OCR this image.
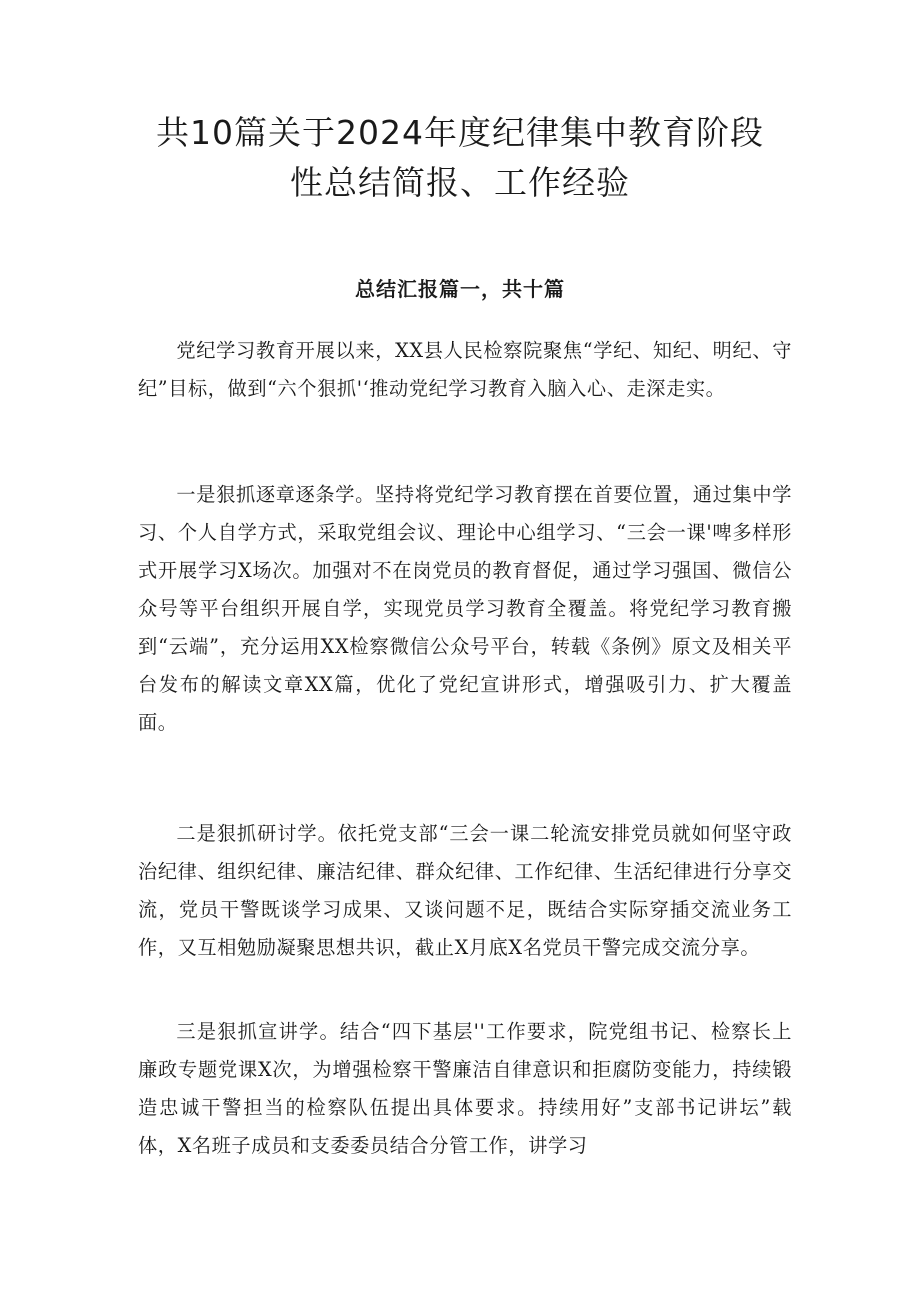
共10篇关于2024年度纪律集中教育阶段
性总结简报、工作经验
总结汇报篇一，共十篇

党纪学习教育开展以来，XX县人民检察院聚焦“学纪、知纪、明纪、守纪”目标，做到“六个狠抓'‘推动党纪学习教育入脑入心、走深走实。

一是狠抓逐章逐条学。坚持将党纪学习教育摆在首要位置，通过集中学习、个人自学方式，采取党组会议、理论中心组学习、“三会一课'啤多样形式开展学习X场次。加强对不在岗党员的教育督促，通过学习强国、微信公众号等平台组织开展自学，实现党员学习教育全覆盖。将党纪学习教育搬到“云端”，充分运用XX检察微信公众号平台，转载《条例》原文及相关平台发布的解读文章XX篇，优化了党纪宣讲形式，增强吸引力、扩大覆盖面。

二是狠抓研讨学。依托党支部“三会一课二轮流安排党员就如何坚守政治纪律、组织纪律、廉洁纪律、群众纪律、工作纪律、生活纪律进行分享交流，党员干警既谈学习成果、又谈问题不足，既结合实际穿插交流业务工作，又互相勉励凝聚思想共识，截止X月底X名党员干警完成交流分享。

三是狠抓宣讲学。结合“四下基层''工作要求，院党组书记、检察长上廉政专题党课X次，为增强检察干警廉洁自律意识和拒腐防变能力，持续锻造忠诚干警担当的检察队伍提出具体要求。持续用好”支部书记讲坛”载体，X名班子成员和支委委员结合分管工作，讲学习
